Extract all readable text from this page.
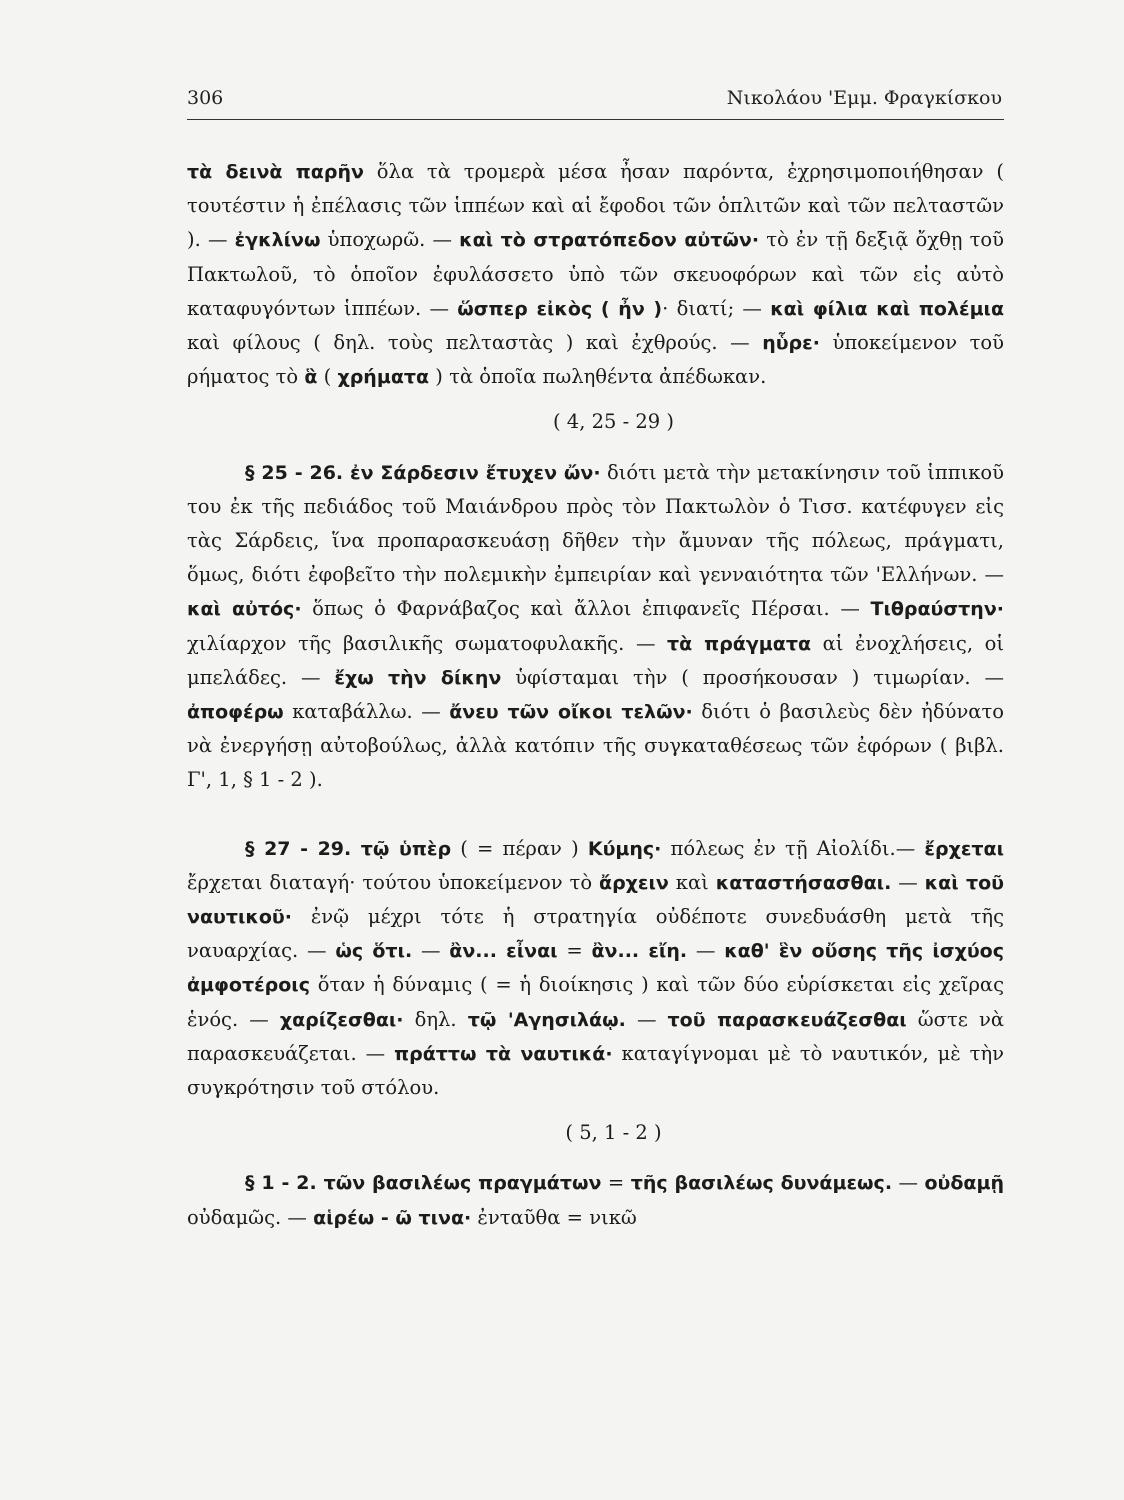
306	Νικολάου 'Εμμ. Φραγκίσκου

τὰ δεινὰ παρῆν ὅλα τὰ τρομερὰ μέσα ἦσαν παρόντα, ἐχρησιμοποιήθησαν ( τουτέστιν ἡ ἐπέλασις τῶν ἱππέων καὶ αἱ ἔφοδοι τῶν ὁπλιτῶν καὶ τῶν πελταστῶν ). — ἐγκλίνω ὑποχωρῶ. — καὶ τὸ στρατόπεδον αὐτῶν· τὸ ἐν τῇ δεξιᾷ ὄχθῃ τοῦ Πακτωλοῦ, τὸ ὁποῖον ἐφυλάσσετο ὑπὸ τῶν σκευοφόρων καὶ τῶν εἰς αὐτὸ καταφυγόντων ἱππέων. — ὥσπερ εἰκὸς ( ἦν )· διατί; — καὶ φίλια καὶ πολέμια καὶ φίλους ( δηλ. τοὺς πελταστὰς ) καὶ ἐχθρούς. — ηὗρε· ὑποκείμενον τοῦ ρήματος τὸ ἃ ( χρήματα ) τὰ ὁποῖα πωληθέντα ἀπέδωκαν.

( 4, 25 - 29 )

§ 25 - 26. ἐν Σάρδεσιν ἔτυχεν ὤν· διότι μετὰ τὴν μετακίνησιν τοῦ ἱππικοῦ του ἐκ τῆς πεδιάδος τοῦ Μαιάνδρου πρὸς τὸν Πακτωλὸν ὁ Τισσ. κατέφυγεν εἰς τὰς Σάρδεις, ἵνα προπαρασκευάσῃ δῆθεν τὴν ἄμυναν τῆς πόλεως, πράγματι, ὅμως, διότι ἐφοβεῖτο τὴν πολεμικὴν ἐμπειρίαν καὶ γενναιότητα τῶν 'Ελλήνων. — καὶ αὐτός· ὅπως ὁ Φαρνάβαζος καὶ ἄλλοι ἐπιφανεῖς Πέρσαι. — Τιθραύστην· χιλίαρχον τῆς βασιλικῆς σωματοφυλακῆς. — τὰ πράγματα αἱ ἐνοχλήσεις, οἱ μπελάδες. — ἔχω τὴν δίκην ὑφίσταμαι τὴν ( προσήκουσαν ) τιμωρίαν. — ἀποφέρω καταβάλλω. — ἄνευ τῶν οἴκοι τελῶν· διότι ὁ βασιλεὺς δὲν ἠδύνατο νὰ ἐνεργήσῃ αὐτοβούλως, ἀλλὰ κατόπιν τῆς συγκαταθέσεως τῶν ἐφόρων ( βιβλ. Γ', 1, § 1 - 2 ).

§ 27 - 29. τῷ ὑπὲρ ( = πέραν ) Κύμης· πόλεως ἐν τῇ Αἰολίδι.— ἔρχεται ἔρχεται διαταγή· τούτου ὑποκείμενον τὸ ἄρχειν καὶ καταστήσασθαι. — καὶ τοῦ ναυτικοῦ· ἐνῷ μέχρι τότε ἡ στρατηγία οὐδέποτε συνεδυάσθη μετὰ τῆς ναυαρχίας. — ὡς ὅτι. — ἂν... εἶναι = ἂν... εἴη. — καθ' ἓν οὔσης τῆς ἰσχύος ἀμφοτέροις ὅταν ἡ δύναμις ( = ἡ διοίκησις ) καὶ τῶν δύο εὑρίσκεται εἰς χεῖρας ἑνός. — χαρίζεσθαι· δηλ. τῷ 'Αγησιλάῳ. — τοῦ παρασκευάζεσθαι ὥστε νὰ παρασκευάζεται. — πράττω τὰ ναυτικά· καταγίγνομαι μὲ τὸ ναυτικόν, μὲ τὴν συγκρότησιν τοῦ στόλου.

( 5, 1 - 2 )

§ 1 - 2. τῶν βασιλέως πραγμάτων = τῆς βασιλέως δυνάμεως. — οὐδαμῇ οὐδαμῶς. — αἱρέω - ῶ τινα· ἐνταῦθα = νικῶ
